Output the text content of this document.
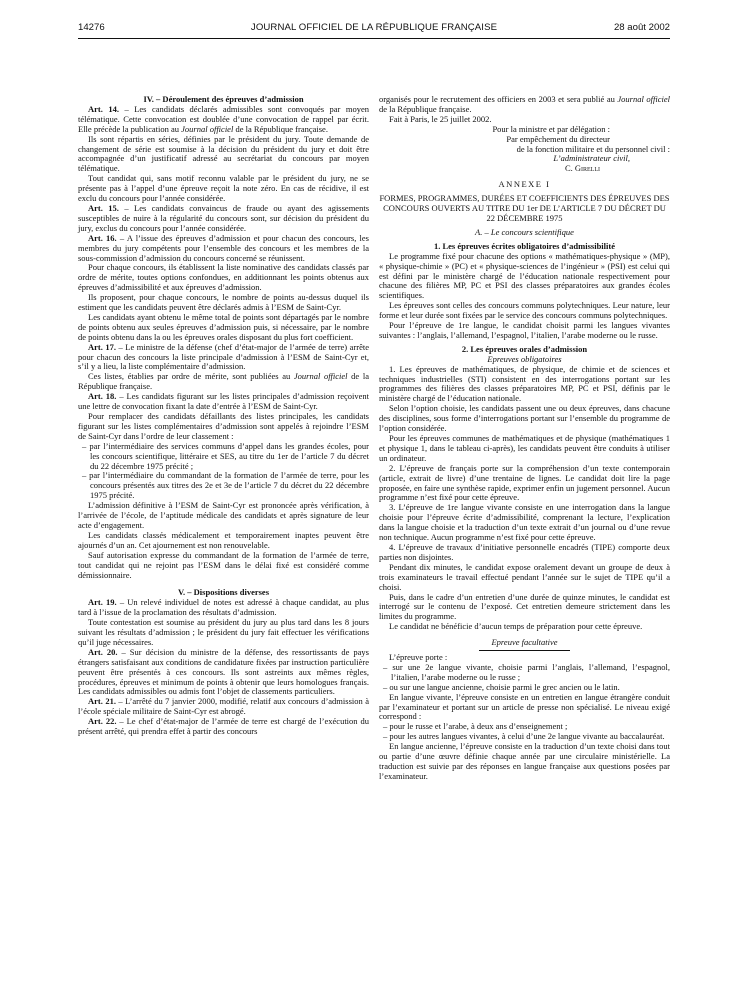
14276	JOURNAL OFFICIEL DE LA RÉPUBLIQUE FRANÇAISE	28 août 2002
IV. – Déroulement des épreuves d’admission

Art. 14. – Les candidats déclarés admissibles sont convoqués par moyen télématique. Cette convocation est doublée d’une convocation de rappel par écrit. Elle précède la publication au Journal officiel de la République française.

Ils sont répartis en séries, définies par le président du jury. Toute demande de changement de série est soumise à la décision du président du jury et doit être accompagnée d’un justificatif adressé au secrétariat du concours par moyen télématique.

Tout candidat qui, sans motif reconnu valable par le président du jury, ne se présente pas à l’appel d’une épreuve reçoit la note zéro. En cas de récidive, il est exclu du concours pour l’année considérée.

Art. 15. – Les candidats convaincus de fraude ou ayant des agissements susceptibles de nuire à la régularité du concours sont, sur décision du président du jury, exclus du concours pour l’année considérée.

Art. 16. – A l’issue des épreuves d’admission et pour chacun des concours, les membres du jury compétents pour l’ensemble des concours et les membres de la sous-commission d’admission du concours concerné se réunissent.

Pour chaque concours, ils établissent la liste nominative des candidats classés par ordre de mérite, toutes options confondues, en additionnant les points obtenus aux épreuves d’admissibilité et aux épreuves d’admission.

Ils proposent, pour chaque concours, le nombre de points au-dessus duquel ils estiment que les candidats peuvent être déclarés admis à l’ESM de Saint-Cyr.

Les candidats ayant obtenu le même total de points sont départagés par le nombre de points obtenu aux seules épreuves d’admission puis, si nécessaire, par le nombre de points obtenu dans la ou les épreuves orales disposant du plus fort coefficient.

Art. 17. – Le ministre de la défense (chef d’état-major de l’armée de terre) arrête pour chacun des concours la liste principale d’admission à l’ESM de Saint-Cyr et, s’il y a lieu, la liste complémentaire d’admission.

Ces listes, établies par ordre de mérite, sont publiées au Journal officiel de la République française.

Art. 18. – Les candidats figurant sur les listes principales d’admission reçoivent une lettre de convocation fixant la date d’entrée à l’ESM de Saint-Cyr.

Pour remplacer des candidats défaillants des listes principales, les candidats figurant sur les listes complémentaires d’admission sont appelés à rejoindre l’ESM de Saint-Cyr dans l’ordre de leur classement :

– par l’intermédiaire des services communs d’appel dans les grandes écoles, pour les concours scientifique, littéraire et SES, au titre du 1er de l’article 7 du décret du 22 décembre 1975 précité ;
– par l’intermédiaire du commandant de la formation de l’armée de terre, pour les concours présentés aux titres des 2e et 3e de l’article 7 du décret du 22 décembre 1975 précité.

L’admission définitive à l’ESM de Saint-Cyr est prononcée après vérification, à l’arrivée de l’école, de l’aptitude médicale des candidats et après signature de leur acte d’engagement.

Les candidats classés médicalement et temporairement inaptes peuvent être ajournés d’un an. Cet ajournement est non renouvelable.

Sauf autorisation expresse du commandant de la formation de l’armée de terre, tout candidat qui ne rejoint pas l’ESM dans le délai fixé est considéré comme démissionnaire.

V. – Dispositions diverses

Art. 19. – Un relevé individuel de notes est adressé à chaque candidat, au plus tard à l’issue de la proclamation des résultats d’admission.

Toute contestation est soumise au président du jury au plus tard dans les 8 jours suivant les résultats d’admission ; le président du jury fait effectuer les vérifications qu’il juge nécessaires.

Art. 20. – Sur décision du ministre de la défense, des ressortissants de pays étrangers satisfaisant aux conditions de candidature fixées par instruction particulière peuvent être présentés à ces concours. Ils sont astreints aux mêmes règles, procédures, épreuves et minimum de points à obtenir que leurs homologues français. Les candidats admissibles ou admis font l’objet de classements particuliers.

Art. 21. – L’arrêté du 7 janvier 2000, modifié, relatif aux concours d’admission à l’école spéciale militaire de Saint-Cyr est abrogé.

Art. 22. – Le chef d’état-major de l’armée de terre est chargé de l’exécution du présent arrêté, qui prendra effet à partir des concours

organisés pour le recrutement des officiers en 2003 et sera publié au Journal officiel de la République française.

Fait à Paris, le 25 juillet 2002.

Pour la ministre et par délégation :
Par empêchement du directeur
de la fonction militaire et du personnel civil :
L’administrateur civil,
C. Girelli
ANNEXE I
FORMES, PROGRAMMES, DURÉES ET COEFFICIENTS DES ÉPREUVES DES CONCOURS OUVERTS AU TITRE DU 1er DE L’ARTICLE 7 DU DÉCRET DU 22 DÉCEMBRE 1975
A. – Le concours scientifique
1. Les épreuves écrites obligatoires d’admissibilité

Le programme fixé pour chacune des options « mathématiques-physique » (MP), « physique-chimie » (PC) et « physique-sciences de l’ingénieur » (PSI) est celui qui est défini par le ministère chargé de l’éducation nationale respectivement pour chacune des filières MP, PC et PSI des classes préparatoires aux grandes écoles scientifiques.

Les épreuves sont celles des concours communs polytechniques. Leur nature, leur forme et leur durée sont fixées par le service des concours communs polytechniques.

Pour l’épreuve de 1re langue, le candidat choisit parmi les langues vivantes suivantes : l’anglais, l’allemand, l’espagnol, l’italien, l’arabe moderne ou le russe.

2. Les épreuves orales d’admission
Epreuves obligatoires

1. Les épreuves de mathématiques, de physique, de chimie et de sciences et techniques industrielles (STI) consistent en des interrogations portant sur les programmes des filières des classes préparatoires MP, PC et PSI, définis par le ministère chargé de l’éducation nationale.

Selon l’option choisie, les candidats passent une ou deux épreuves, dans chacune des disciplines, sous forme d’interrogations portant sur l’ensemble du programme de l’option considérée.

Pour les épreuves communes de mathématiques et de physique (mathématiques 1 et physique 1, dans le tableau ci-après), les candidats peuvent être conduits à utiliser un ordinateur.

2. L’épreuve de français porte sur la compréhension d’un texte contemporain (article, extrait de livre) d’une trentaine de lignes. Le candidat doit lire la page proposée, en faire une synthèse rapide, exprimer enfin un jugement personnel. Aucun programme n’est fixé pour cette épreuve.

3. L’épreuve de 1re langue vivante consiste en une interrogation dans la langue choisie pour l’épreuve écrite d’admissibilité, comprenant la lecture, l’explication dans la langue choisie et la traduction d’un texte extrait d’un journal ou d’une revue non technique. Aucun programme n’est fixé pour cette épreuve.

4. L’épreuve de travaux d’initiative personnelle encadrés (TIPE) comporte deux parties non disjointes.

Pendant dix minutes, le candidat expose oralement devant un groupe de deux à trois examinateurs le travail effectué pendant l’année sur le sujet de TIPE qu’il a choisi.

Puis, dans le cadre d’un entretien d’une durée de quinze minutes, le candidat est interrogé sur le contenu de l’exposé. Cet entretien demeure strictement dans les limites du programme.

Le candidat ne bénéficie d’aucun temps de préparation pour cette épreuve.

Epreuve facultative

L’épreuve porte :

– sur une 2e langue vivante, choisie parmi l’anglais, l’allemand, l’espagnol, l’italien, l’arabe moderne ou le russe ;
– ou sur une langue ancienne, choisie parmi le grec ancien ou le latin.

En langue vivante, l’épreuve consiste en un entretien en langue étrangère conduit par l’examinateur et portant sur un article de presse non spécialisé. Le niveau exigé correspond :

– pour le russe et l’arabe, à deux ans d’enseignement ;
– pour les autres langues vivantes, à celui d’une 2e langue vivante au baccalauréat.

En langue ancienne, l’épreuve consiste en la traduction d’un texte choisi dans tout ou partie d’une œuvre définie chaque année par une circulaire ministérielle. La traduction est suivie par des réponses en langue française aux questions posées par l’examinateur.
